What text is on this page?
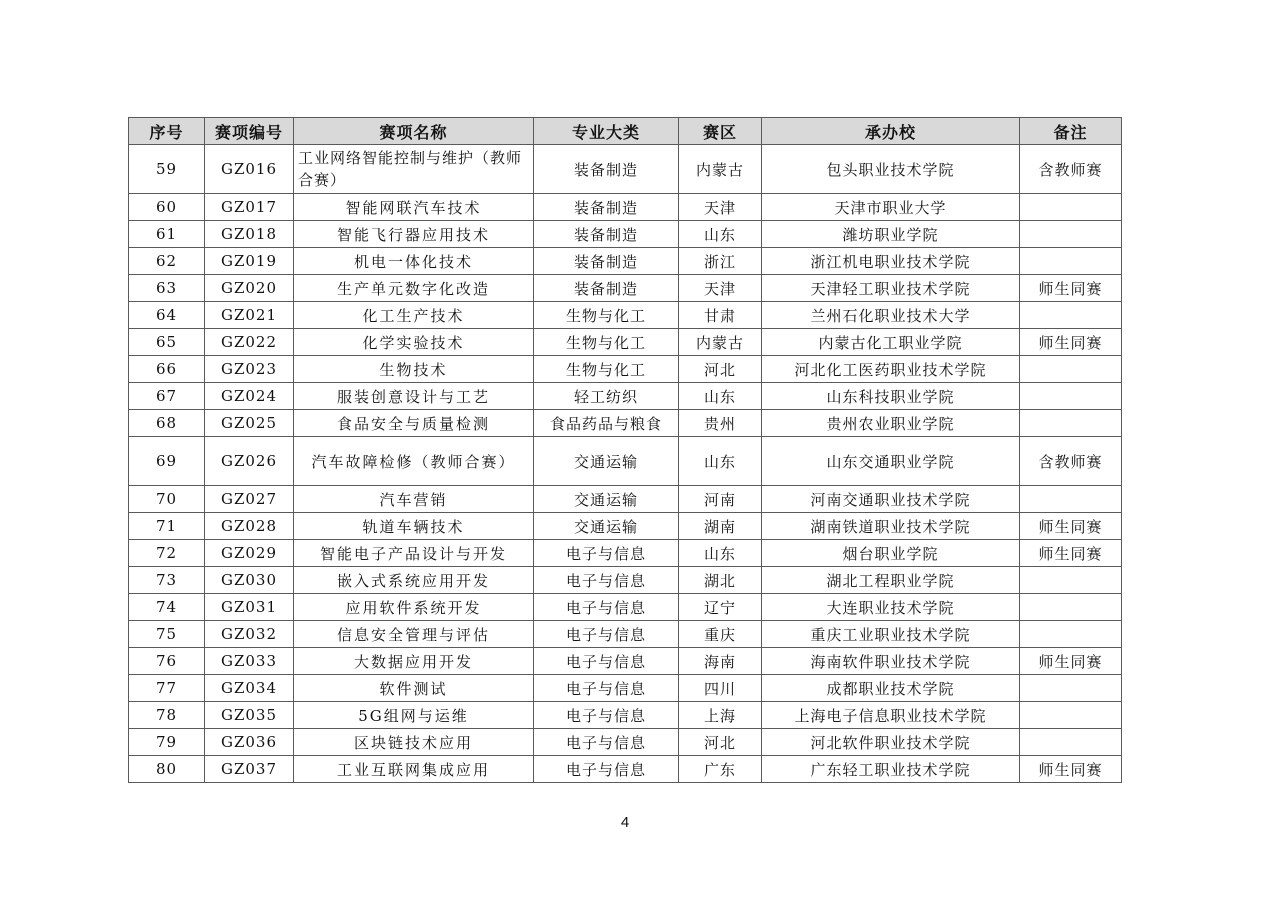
序号	赛项编号	赛项名称	专业大类	赛区	承办校	备注
59	GZ016	工业网络智能控制与维护（教师合赛）	装备制造	内蒙古	包头职业技术学院	含教师赛
60	GZ017	智能网联汽车技术	装备制造	天津	天津市职业大学	
61	GZ018	智能飞行器应用技术	装备制造	山东	潍坊职业学院	
62	GZ019	机电一体化技术	装备制造	浙江	浙江机电职业技术学院	
63	GZ020	生产单元数字化改造	装备制造	天津	天津轻工职业技术学院	师生同赛
64	GZ021	化工生产技术	生物与化工	甘肃	兰州石化职业技术大学	
65	GZ022	化学实验技术	生物与化工	内蒙古	内蒙古化工职业学院	师生同赛
66	GZ023	生物技术	生物与化工	河北	河北化工医药职业技术学院	
67	GZ024	服装创意设计与工艺	轻工纺织	山东	山东科技职业学院	
68	GZ025	食品安全与质量检测	食品药品与粮食	贵州	贵州农业职业学院	
69	GZ026	汽车故障检修（教师合赛）	交通运输	山东	山东交通职业学院	含教师赛
70	GZ027	汽车营销	交通运输	河南	河南交通职业技术学院	
71	GZ028	轨道车辆技术	交通运输	湖南	湖南铁道职业技术学院	师生同赛
72	GZ029	智能电子产品设计与开发	电子与信息	山东	烟台职业学院	师生同赛
73	GZ030	嵌入式系统应用开发	电子与信息	湖北	湖北工程职业学院	
74	GZ031	应用软件系统开发	电子与信息	辽宁	大连职业技术学院	
75	GZ032	信息安全管理与评估	电子与信息	重庆	重庆工业职业技术学院	
76	GZ033	大数据应用开发	电子与信息	海南	海南软件职业技术学院	师生同赛
77	GZ034	软件测试	电子与信息	四川	成都职业技术学院	
78	GZ035	5G组网与运维	电子与信息	上海	上海电子信息职业技术学院	
79	GZ036	区块链技术应用	电子与信息	河北	河北软件职业技术学院	
80	GZ037	工业互联网集成应用	电子与信息	广东	广东轻工职业技术学院	师生同赛
4
